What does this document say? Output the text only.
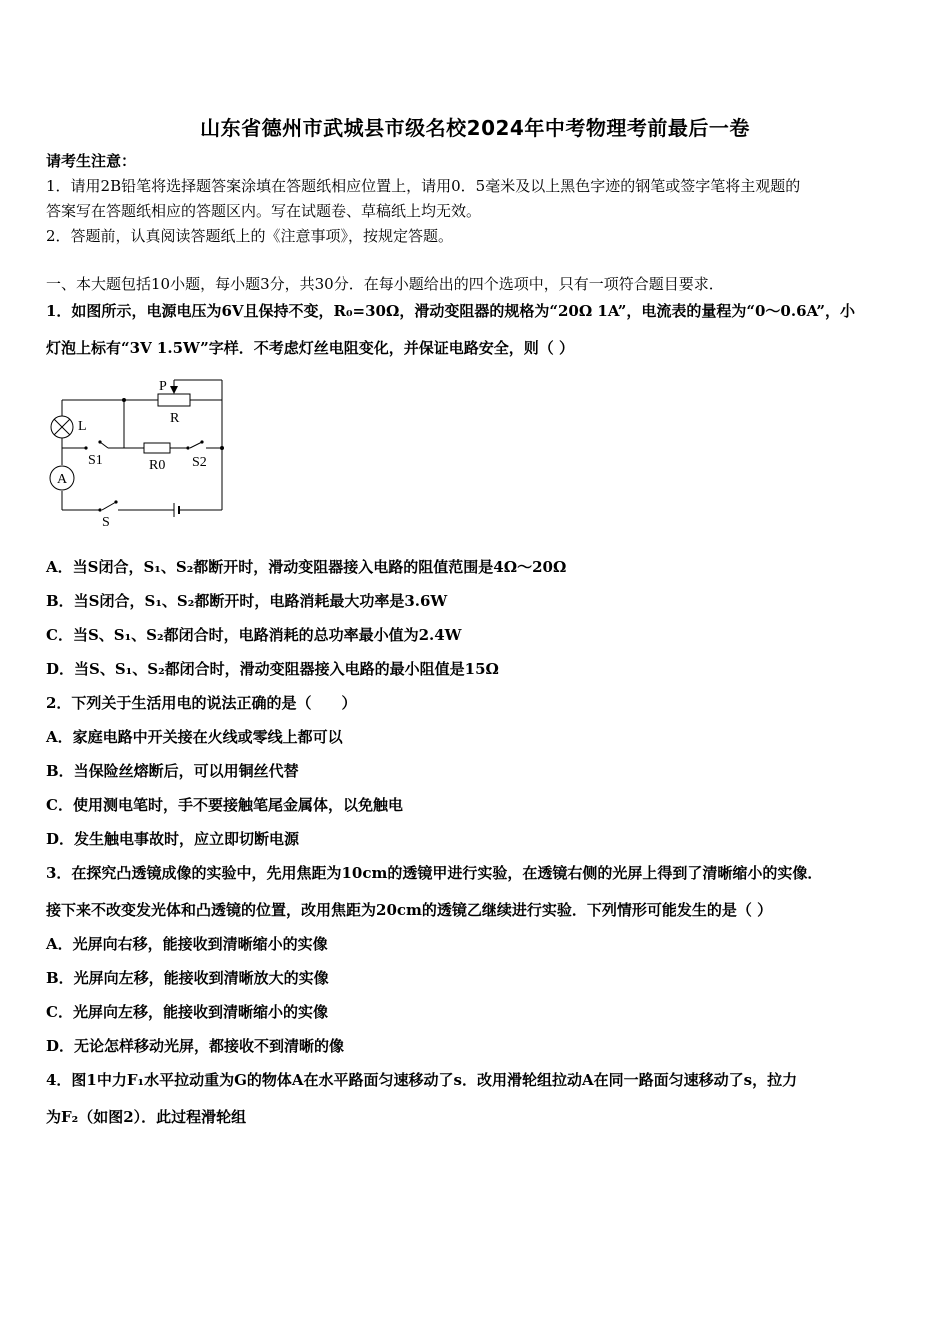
山东省德州市武城县市级名校2024年中考物理考前最后一卷
请考生注意：
1．请用2B铅笔将选择题答案涂填在答题纸相应位置上，请用0．5毫米及以上黑色字迹的钢笔或签字笔将主观题的
答案写在答题纸相应的答题区内。写在试题卷、草稿纸上均无效。
2．答题前，认真阅读答题纸上的《注意事项》，按规定答题。
一、本大题包括10小题，每小题3分，共30分．在每小题给出的四个选项中，只有一项符合题目要求．
1．如图所示，电源电压为6V且保持不变，R₀=30Ω，滑动变阻器的规格为“20Ω 1A”，电流表的量程为“0～0.6A”，小
灯泡上标有“3V 1.5W”字样．不考虑灯丝电阻变化，并保证电路安全，则（ ）
P
R
L
S1	R0 S2
A
S
A．当S闭合，S₁、S₂都断开时，滑动变阻器接入电路的阻值范围是4Ω～20Ω
B．当S闭合，S₁、S₂都断开时，电路消耗最大功率是3.6W
C．当S、S₁、S₂都闭合时，电路消耗的总功率最小值为2.4W
D．当S、S₁、S₂都闭合时，滑动变阻器接入电路的最小阻值是15Ω
2．下列关于生活用电的说法正确的是（　　）
A．家庭电路中开关接在火线或零线上都可以
B．当保险丝熔断后，可以用铜丝代替
C．使用测电笔时，手不要接触笔尾金属体，以免触电
D．发生触电事故时，应立即切断电源
3．在探究凸透镜成像的实验中，先用焦距为10cm的透镜甲进行实验，在透镜右侧的光屏上得到了清晰缩小的实像．
接下来不改变发光体和凸透镜的位置，改用焦距为20cm的透镜乙继续进行实验．下列情形可能发生的是（ ）
A．光屏向右移，能接收到清晰缩小的实像
B．光屏向左移，能接收到清晰放大的实像
C．光屏向左移，能接收到清晰缩小的实像
D．无论怎样移动光屏，都接收不到清晰的像
4．图1中力F₁水平拉动重为G的物体A在水平路面匀速移动了s．改用滑轮组拉动A在同一路面匀速移动了s，拉力
为F₂（如图2）．此过程滑轮组
